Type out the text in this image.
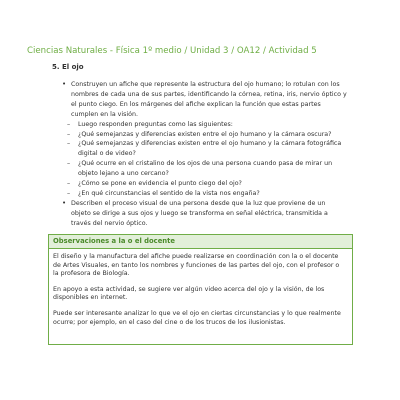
Ciencias Naturales - Física 1º medio / Unidad 3 / OA12 / Actividad 5
5. El ojo
• Construyen un afiche que represente la estructura del ojo humano; lo rotulan con los nombres de cada una de sus partes, identificando la córnea, retina, iris, nervio óptico y el punto ciego. En los márgenes del afiche explican la función que estas partes cumplen en la visión.
– Luego responden preguntas como las siguientes:
– ¿Qué semejanzas y diferencias existen entre el ojo humano y la cámara oscura?
– ¿Qué semejanzas y diferencias existen entre el ojo humano y la cámara fotográfica digital o de video?
– ¿Qué ocurre en el cristalino de los ojos de una persona cuando pasa de mirar un objeto lejano a uno cercano?
– ¿Cómo se pone en evidencia el punto ciego del ojo?
– ¿En qué circunstancias el sentido de la vista nos engaña?
• Describen el proceso visual de una persona desde que la luz que proviene de un objeto se dirige a sus ojos y luego se transforma en señal eléctrica, transmitida a través del nervio óptico.
Observaciones a la o el docente

El diseño y la manufactura del afiche puede realizarse en coordinación con la o el docente de Artes Visuales, en tanto los nombres y funciones de las partes del ojo, con el profesor o la profesora de Biología.

En apoyo a esta actividad, se sugiere ver algún video acerca del ojo y la visión, de los disponibles en internet.

Puede ser interesante analizar lo que ve el ojo en ciertas circunstancias y lo que realmente ocurre; por ejemplo, en el caso del cine o de los trucos de los ilusionistas.
